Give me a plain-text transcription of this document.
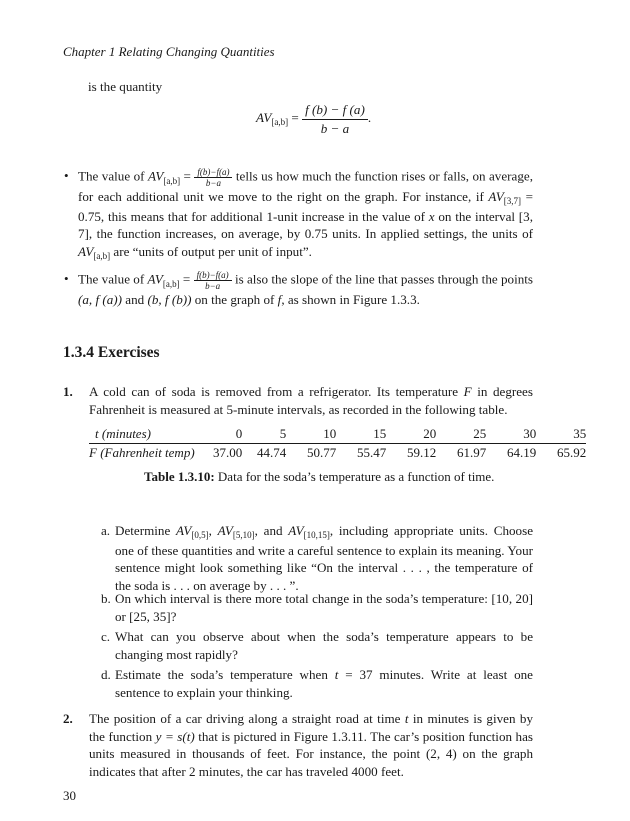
Chapter 1 Relating Changing Quantities
is the quantity
$AV_{[a,b]} = \frac{f (b) - f (a)}{b - a}$ .
• The value of $AV_{[a,b]} = \frac{f(b)-f(a)}{b-a}$ tells us how much the function rises or falls, on average, for each additional unit we move to the right on the graph. For instance, if $AV_{[3,7]} = 0.75$, this means that for additional 1-unit increase in the value of x on the interval [3, 7], the function increases, on average, by 0.75 units. In applied settings, the units of $AV_{[a,b]}$ are “units of output per unit of input”.
• The value of $AV_{[a,b]} = \frac{f(b)-f(a)}{b-a}$ is also the slope of the line that passes through the points (a, f (a)) and (b, f (b)) on the graph of f, as shown in Figure 1.3.3.
1.3.4 Exercises
1. A cold can of soda is removed from a refrigerator. Its temperature F in degrees Fahrenheit is measured at 5-minute intervals, as recorded in the following table.
t (minutes)	0	5	10	15	20	25	30	35
F (Fahrenheit temp)	37.00	44.74	50.77	55.47	59.12	61.97	64.19	65.92
Table 1.3.10: Data for the soda’s temperature as a function of time.
a. Determine $AV_{[0,5]}$, $AV_{[5,10]}$, and $AV_{[10,15]}$, including appropriate units. Choose one of these quantities and write a careful sentence to explain its meaning. Your sentence might look something like “On the interval . . . , the temperature of the soda is . . . on average by . . . ”.
b. On which interval is there more total change in the soda’s temperature: [10, 20] or [25, 35]?
c. What can you observe about when the soda’s temperature appears to be changing most rapidly?
d. Estimate the soda’s temperature when t = 37 minutes. Write at least one sentence to explain your thinking.
2. The position of a car driving along a straight road at time t in minutes is given by the function y = s(t) that is pictured in Figure 1.3.11. The car’s position function has units measured in thousands of feet. For instance, the point (2, 4) on the graph indicates that after 2 minutes, the car has traveled 4000 feet.
30
